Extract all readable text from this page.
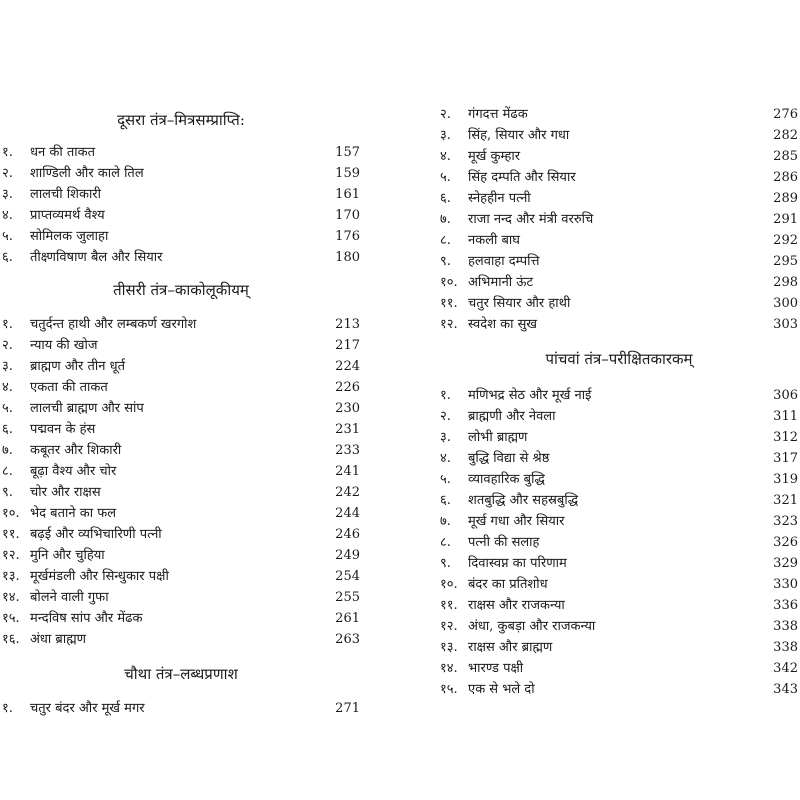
दूसरा तंत्र–मित्रसम्प्राप्ति:
१. धन की ताकत	157
२. शाण्डिली और काले तिल	159
३. लालची शिकारी	161
४. प्राप्तव्यमर्थ वैश्य	170
५. सोमिलक जुलाहा	176
६. तीक्ष्णविषाण बैल और सियार	180
तीसरी तंत्र–काकोलूकीयम्
१. चतुर्दन्त हाथी और लम्बकर्ण खरगोश	213
२. न्याय की खोज	217
३. ब्राह्मण और तीन धूर्त	224
४. एकता की ताकत	226
५. लालची ब्राह्मण और सांप	230
६. पद्मवन के हंस	231
७. कबूतर और शिकारी	233
८. बूढ़ा वैश्य और चोर	241
९. चोर और राक्षस	242
१०. भेद बताने का फल	244
११. बढ़ई और व्यभिचारिणी पत्नी	246
१२. मुनि और चुहिया	249
१३. मूर्खमंडली और सिन्धुकार पक्षी	254
१४. बोलने वाली गुफा	255
१५. मन्दविष सांप और मेंढक	261
१६. अंधा ब्राह्मण	263
चौथा तंत्र–लब्धप्रणाश
१. चतुर बंदर और मूर्ख मगर	271
२. गंगदत्त मेंढक	276
३. सिंह, सियार और गधा	282
४. मूर्ख कुम्हार	285
५. सिंह दम्पति और सियार	286
६. स्नेहहीन पत्नी	289
७. राजा नन्द और मंत्री वररुचि	291
८. नकली बाघ	292
९. हलवाहा दम्पत्ति	295
१०. अभिमानी ऊंट	298
११. चतुर सियार और हाथी	300
१२. स्वदेश का सुख	303
पांचवां तंत्र–परीक्षितकारकम्
१. मणिभद्र सेठ और मूर्ख नाई	306
२. ब्राह्मणी और नेवला	311
३. लोभी ब्राह्मण	312
४. बुद्धि विद्या से श्रेष्ठ	317
५. व्यावहारिक बुद्धि	319
६. शतबुद्धि और सहस्रबुद्धि	321
७. मूर्ख गधा और सियार	323
८. पत्नी की सलाह	326
९. दिवास्वप्न का परिणाम	329
१०. बंदर का प्रतिशोध	330
११. राक्षस और राजकन्या	336
१२. अंधा, कुबड़ा और राजकन्या	338
१३. राक्षस और ब्राह्मण	338
१४. भारण्ड पक्षी	342
१५. एक से भले दो	343
